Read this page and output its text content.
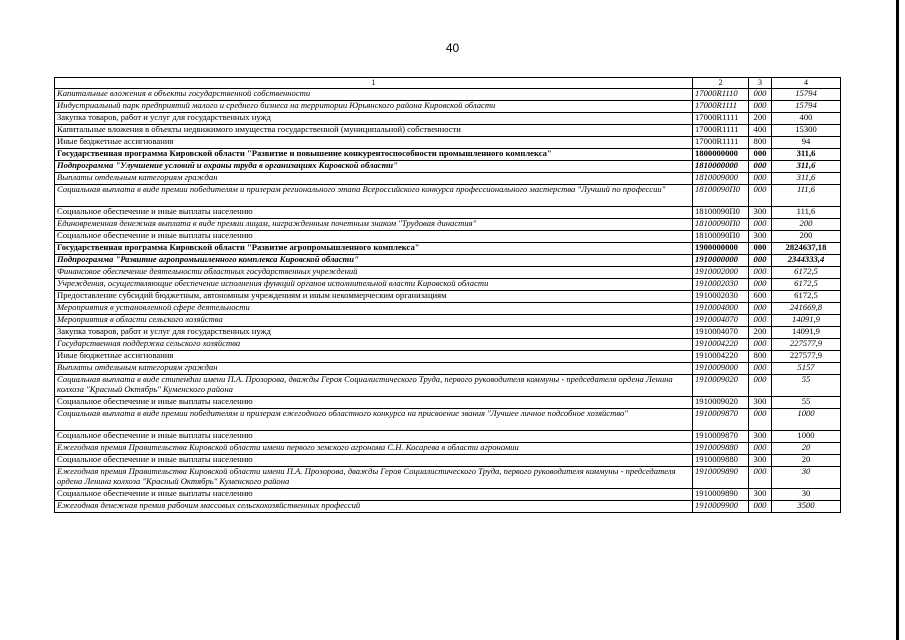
40
1	2	3	4
Капитальные вложения в объекты государственной собственности	17000R1110	000	15794
Индустриальный парк предприятий малого и среднего бизнеса на территории Юрьянского района Кировской области	17000R1111	000	15794
Закупка товаров, работ и услуг для государственных нужд	17000R1111	200	400
Капитальные вложения в объекты недвижимого имущества государственной (муниципальной) собственности	17000R1111	400	15300
Иные бюджетные ассигнования	17000R1111	800	94
Государственная программа Кировской области "Развитие и повышение конкурентоспособности промышленного комплекса"	1800000000	000	311,6
Подпрограмма "Улучшение условий и охраны труда в организациях Кировской области"	1810000000	000	311,6
Выплаты отдельным категориям граждан	1810009000	000	311,6
Социальная выплата в виде премии победителям и призерам регионального этапа Всероссийского конкурса профессионального мастерства "Лучший по профессии"	18100090П0	000	111,6
Социальное обеспечение и иные выплаты населению	18100090П0	300	111,6
Единовременная денежная выплата в виде премии лицам, награжденным почетным знаком "Трудовая династия"	18100090П0	000	200
Социальное обеспечение и иные выплаты населению	18100090П0	300	200
Государственная программа Кировской области "Развитие агропромышленного комплекса"	1900000000	000	2824637,18
Подпрограмма "Развитие агропромышленного комплекса Кировской области"	1910000000	000	2344333,4
Финансовое обеспечение деятельности областных государственных учреждений	1910002000	000	6172,5
Учреждения, осуществляющие обеспечение исполнения функций органов исполнительной власти Кировской области	1910002030	000	6172,5
Предоставление субсидий бюджетным, автономным учреждениям и иным некоммерческим организациям	1910002030	600	6172,5
Мероприятия в установленной сфере деятельности	1910004000	000	241669,8
Мероприятия в области сельского хозяйства	1910004070	000	14091,9
Закупка товаров, работ и услуг для государственных нужд	1910004070	200	14091,9
Государственная поддержка сельского хозяйства	1910004220	000	227577,9
Иные бюджетные ассигнования	1910004220	800	227577,9
Выплаты отдельным категориям граждан	1910009000	000	5157
Социальная выплата в виде стипендии имени П.А. Прозорова, дважды Героя Социалистического Труда, первого руководителя коммуны - председателя ордена Ленина колхоза "Красный Октябрь" Куменского района	1910009020	000	55
Социальное обеспечение и иные выплаты населению	1910009020	300	55
Социальная выплата в виде премии победителям и призерам ежегодного областного конкурса на присвоение звания "Лучшее личное подсобное хозяйство"	1910009870	000	1000
Социальное обеспечение и иные выплаты населению	1910009870	300	1000
Ежегодная премия Правительства Кировской области имени первого земского агронома С.Н. Косарева в области агрономии	1910009880	000	20
Социальное обеспечение и иные выплаты населению	1910009880	300	20
Ежегодная премия Правительства Кировской области имени П.А. Прозорова, дважды Героя Социалистического Труда, первого руководителя коммуны - председателя ордена Ленина колхоза "Красный Октябрь" Куменского района	1910009890	000	30
Социальное обеспечение и иные выплаты населению	1910009890	300	30
Ежегодная денежная премия рабочим массовых сельскохозяйственных профессий	1910009900	000	3500
